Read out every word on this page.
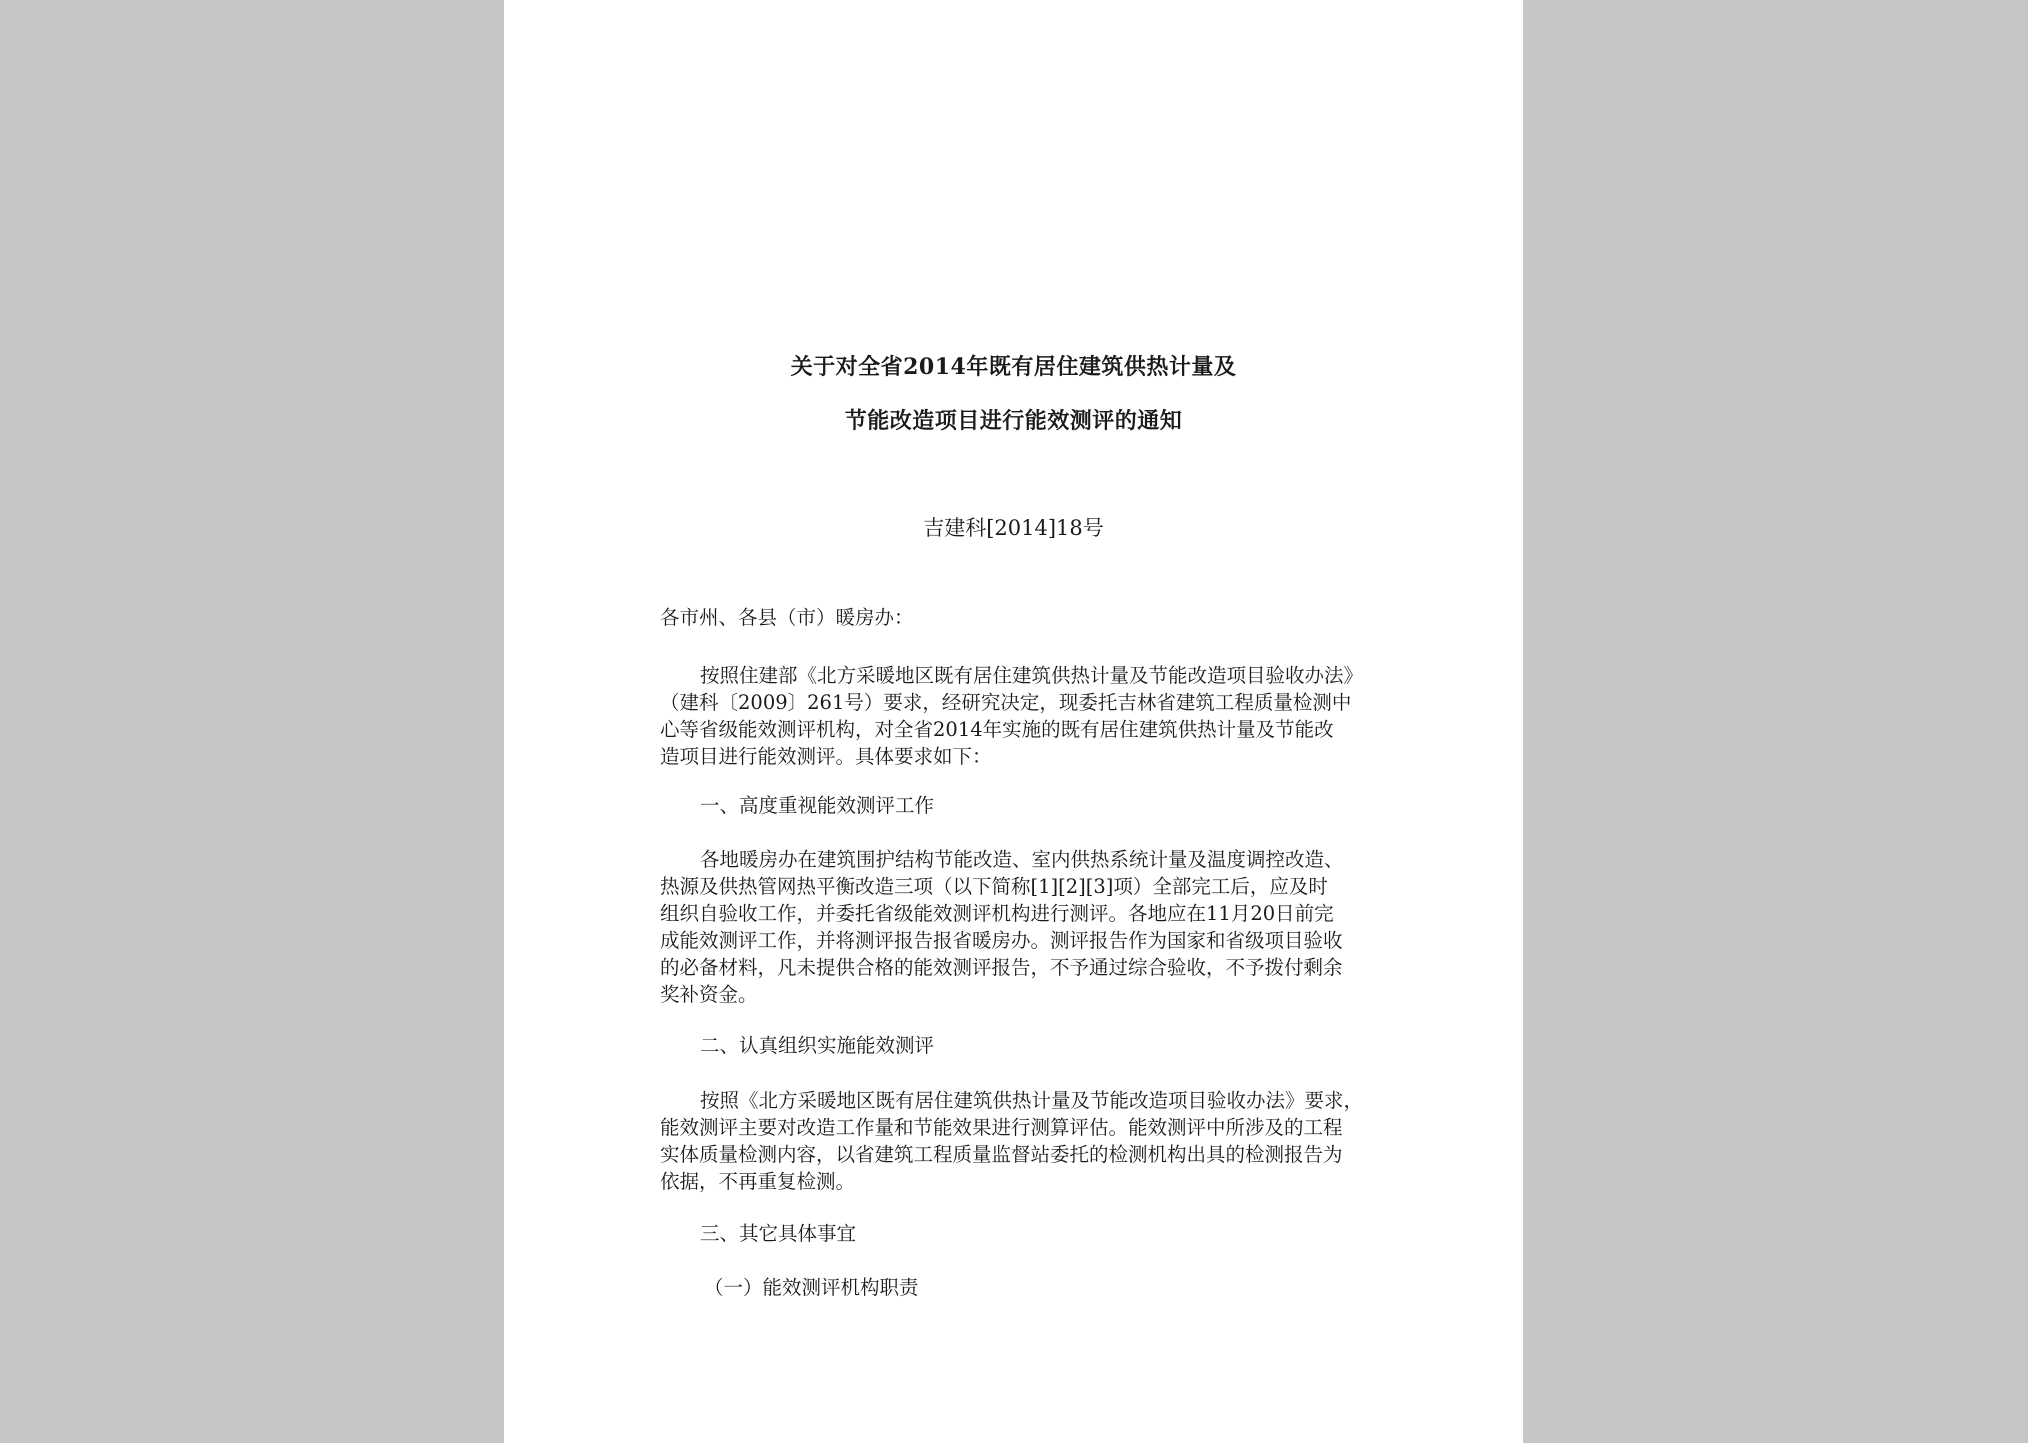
关于对全省2014年既有居住建筑供热计量及
节能改造项目进行能效测评的通知
吉建科[2014]18号
各市州、各县（市）暖房办：
按照住建部《北方采暖地区既有居住建筑供热计量及节能改造项目验收办法》
（建科〔2009〕261号）要求，经研究决定，现委托吉林省建筑工程质量检测中
心等省级能效测评机构，对全省2014年实施的既有居住建筑供热计量及节能改
造项目进行能效测评。具体要求如下：
一、高度重视能效测评工作
各地暖房办在建筑围护结构节能改造、室内供热系统计量及温度调控改造、
热源及供热管网热平衡改造三项（以下简称[1][2][3]项）全部完工后，应及时
组织自验收工作，并委托省级能效测评机构进行测评。各地应在11月20日前完
成能效测评工作，并将测评报告报省暖房办。测评报告作为国家和省级项目验收
的必备材料，凡未提供合格的能效测评报告，不予通过综合验收，不予拨付剩余
奖补资金。
二、认真组织实施能效测评
按照《北方采暖地区既有居住建筑供热计量及节能改造项目验收办法》要求，
能效测评主要对改造工作量和节能效果进行测算评估。能效测评中所涉及的工程
实体质量检测内容，以省建筑工程质量监督站委托的检测机构出具的检测报告为
依据，不再重复检测。
三、其它具体事宜
（一）能效测评机构职责
